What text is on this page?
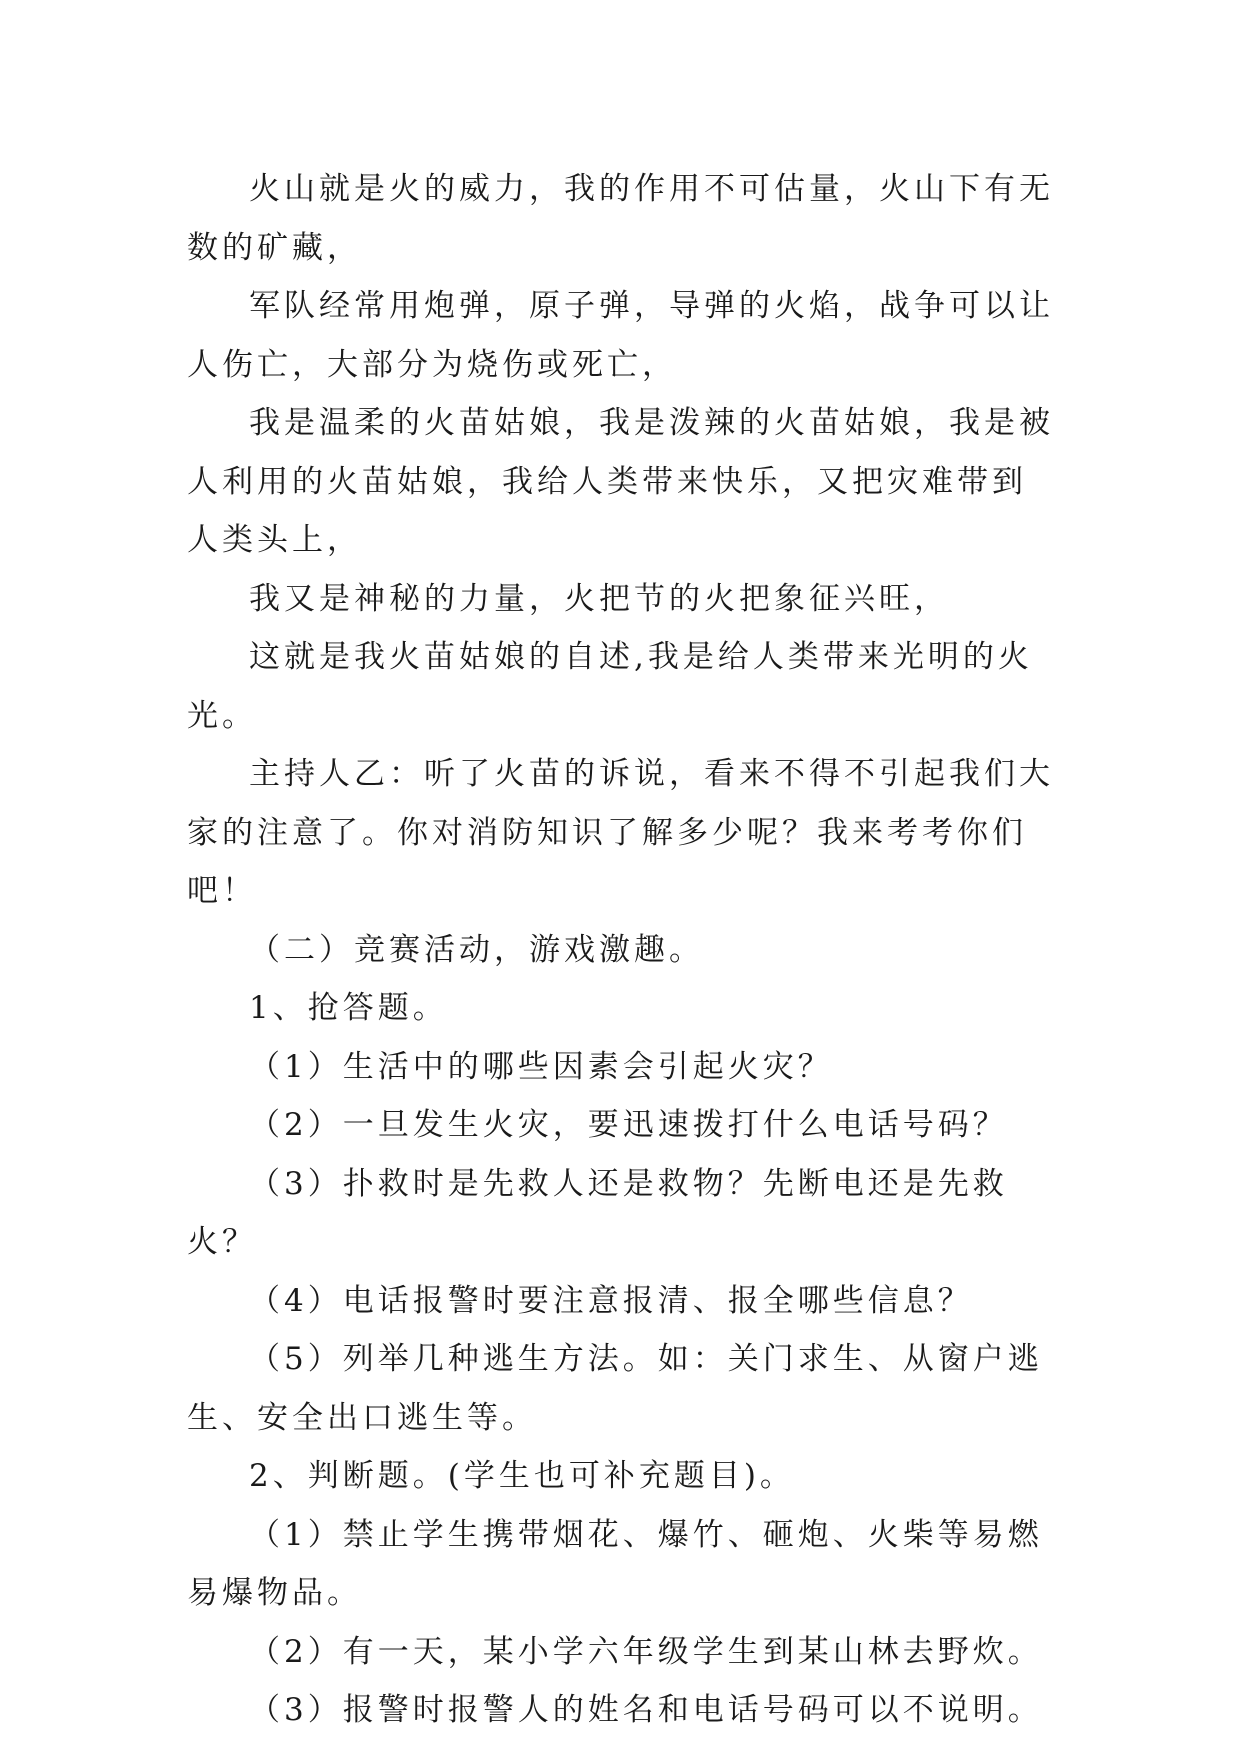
火山就是火的威力，我的作用不可估量，火山下有无数的矿藏，

军队经常用炮弹，原子弹，导弹的火焰，战争可以让人伤亡，大部分为烧伤或死亡，

我是温柔的火苗姑娘，我是泼辣的火苗姑娘，我是被人利用的火苗姑娘，我给人类带来快乐，又把灾难带到人类头上，

我又是神秘的力量，火把节的火把象征兴旺，

这就是我火苗姑娘的自述,我是给人类带来光明的火光。

主持人乙：听了火苗的诉说，看来不得不引起我们大家的注意了。你对消防知识了解多少呢？我来考考你们吧！

（二）竞赛活动，游戏激趣。

1、抢答题。

（1）生活中的哪些因素会引起火灾？

（2）一旦发生火灾，要迅速拨打什么电话号码？

（3）扑救时是先救人还是救物？先断电还是先救火？

（4）电话报警时要注意报清、报全哪些信息？

（5）列举几种逃生方法。如：关门求生、从窗户逃生、安全出口逃生等。

2、判断题。(学生也可补充题目)。

（1）禁止学生携带烟花、爆竹、砸炮、火柴等易燃易爆物品。

（2）有一天，某小学六年级学生到某山林去野炊。

（3）报警时报警人的姓名和电话号码可以不说明。
